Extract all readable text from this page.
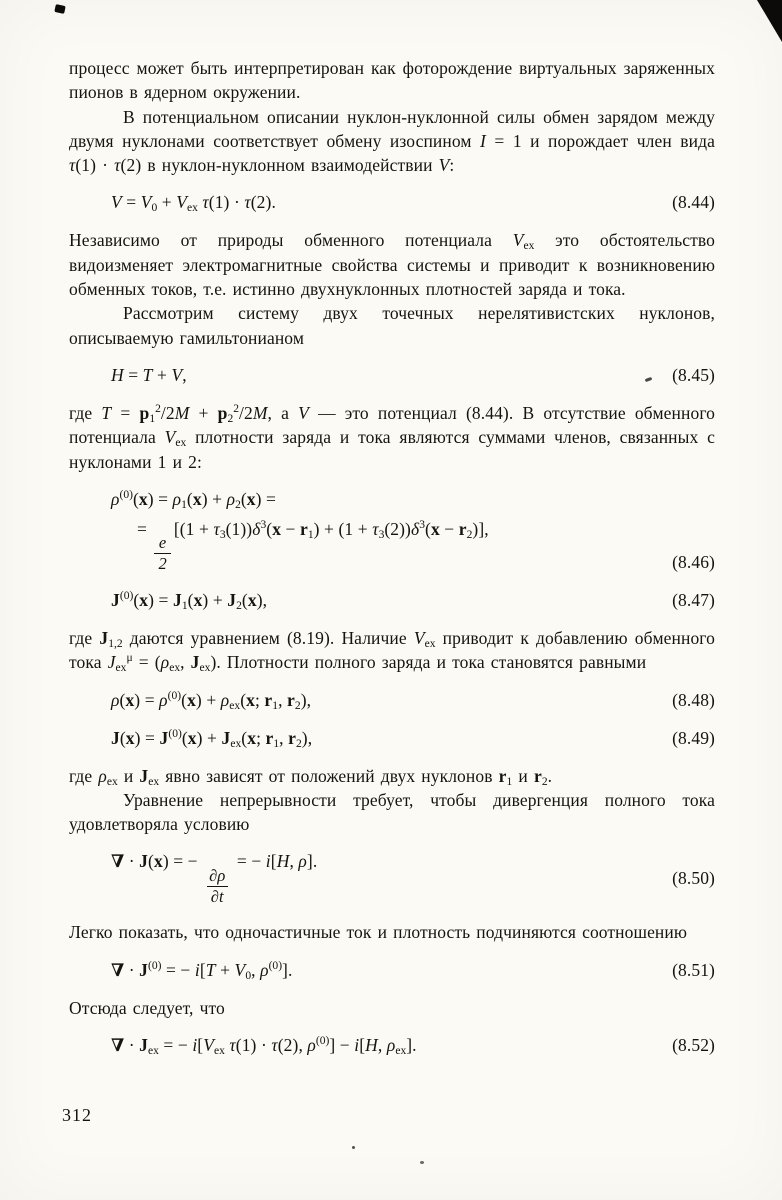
процесс может быть интерпретирован как фоторождение виртуальных заряженных пионов в ядерном окружении.

В потенциальном описании нуклон-нуклонной силы обмен зарядом между двумя нуклонами соответствует обмену изоспином I = 1 и порождает член вида τ(1) · τ(2) в нуклон-нуклонном взаимодействии V:

$V = V_0 + V_{ex}$ τ(1) · τ(2).	(8.44)

Независимо от природы обменного потенциала $V_{ex}$ это обстоятельство видоизменяет электромагнитные свойства системы и приводит к возникновению обменных токов, т.е. истинно двухнуклонных плотностей заряда и тока.

Рассмотрим систему двух точечных нерелятивистских нуклонов, описываемую гамильтонианом

H = T + V,	(8.45)

где $T = p_1^2/2M + p_2^2/2M$, а V — это потенциал (8.44). В отсутствие обменного потенциала $V_{ex}$ плотности заряда и тока являются суммами членов, связанных с нуклонами 1 и 2:

$\rho^{(0)}(x) = \rho_1(x) + \rho_2(x)$ =
=
$\frac{e}{2}$
$[(1 + \tau_3(1))\delta^3(x - r_1) + (1 + \tau_3(2))\delta^3(x - r_2)]$,
(8.46)
$J^{(0)}(x) = J_1(x) + J_2(x)$,	(8.47)

где $J_{1,2}$ даются уравнением (8.19). Наличие $V_{ex}$ приводит к добавлению обменного тока $J_{ex}^\mu = (\rho_{ex}$, $J_{ex}$). Плотности полного заряда и тока становятся равными

$\rho(x) = \rho^{(0)}(x) + \rho_{ex}(x$; $r_1$, $r_2$),	(8.48)
$J(x) = J^{(0)}(x) + J_{ex}(x$; $r_1$, $r_2$),	(8.49)

где $\rho_{ex}$ и $J_{ex}$ явно зависят от положений двух нуклонов $r_1$ и $r_2$.

Уравнение непрерывности требует, чтобы дивергенция полного тока удовлетворяла условию

∇ · J(x) = −
$\frac{\partial\rho}{\partial t}$
= − i[H, ρ].
(8.50)

Легко показать, что одночастичные ток и плотность подчиняются соотношению

∇ · $J^{(0)}$ = − $i[T + V_0$, $\rho^{(0)}$].	(8.51)

Отсюда следует, что

∇ · $J_{ex}$ = − $i[V_{ex}$ τ(1) · τ(2), $\rho^{(0)}] - i[H$, $\rho_{ex}$].	(8.52)
312
